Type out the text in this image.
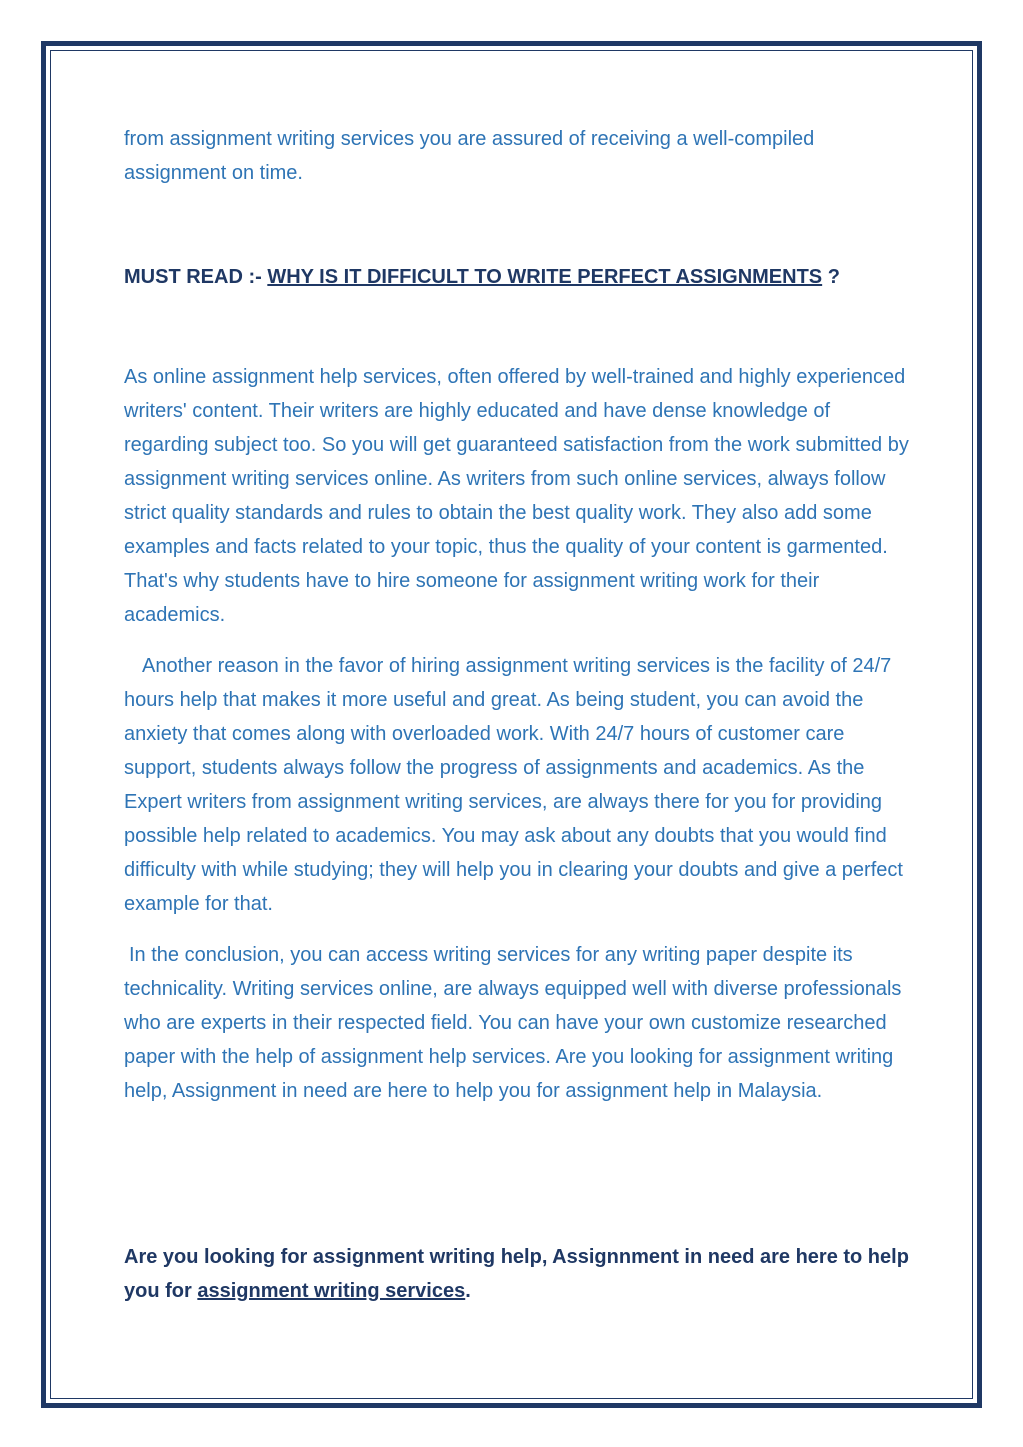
from assignment writing services you are assured of receiving a well-compiled assignment on time.

MUST READ :- WHY IS IT DIFFICULT TO WRITE PERFECT ASSIGNMENTS ?

As online assignment help services, often offered by well-trained and highly experienced writers' content. Their writers are highly educated and have dense knowledge of regarding subject too. So you will get guaranteed satisfaction from the work submitted by assignment writing services online. As writers from such online services, always follow strict quality standards and rules to obtain the best quality work. They also add some examples and facts related to your topic, thus the quality of your content is garmented. That's why students have to hire someone for assignment writing work for their academics.

Another reason in the favor of hiring assignment writing services is the facility of 24/7 hours help that makes it more useful and great. As being student, you can avoid the anxiety that comes along with overloaded work. With 24/7 hours of customer care support, students always follow the progress of assignments and academics. As the Expert writers from assignment writing services, are always there for you for providing possible help related to academics. You may ask about any doubts that you would find difficulty with while studying; they will help you in clearing your doubts and give a perfect example for that.

In the conclusion, you can access writing services for any writing paper despite its technicality. Writing services online, are always equipped well with diverse professionals who are experts in their respected field. You can have your own customize researched paper with the help of assignment help services. Are you looking for assignment writing help, Assignment in need are here to help you for assignment help in Malaysia.

Are you looking for assignment writing help, Assignnment in need are here to help you for assignment writing services.
